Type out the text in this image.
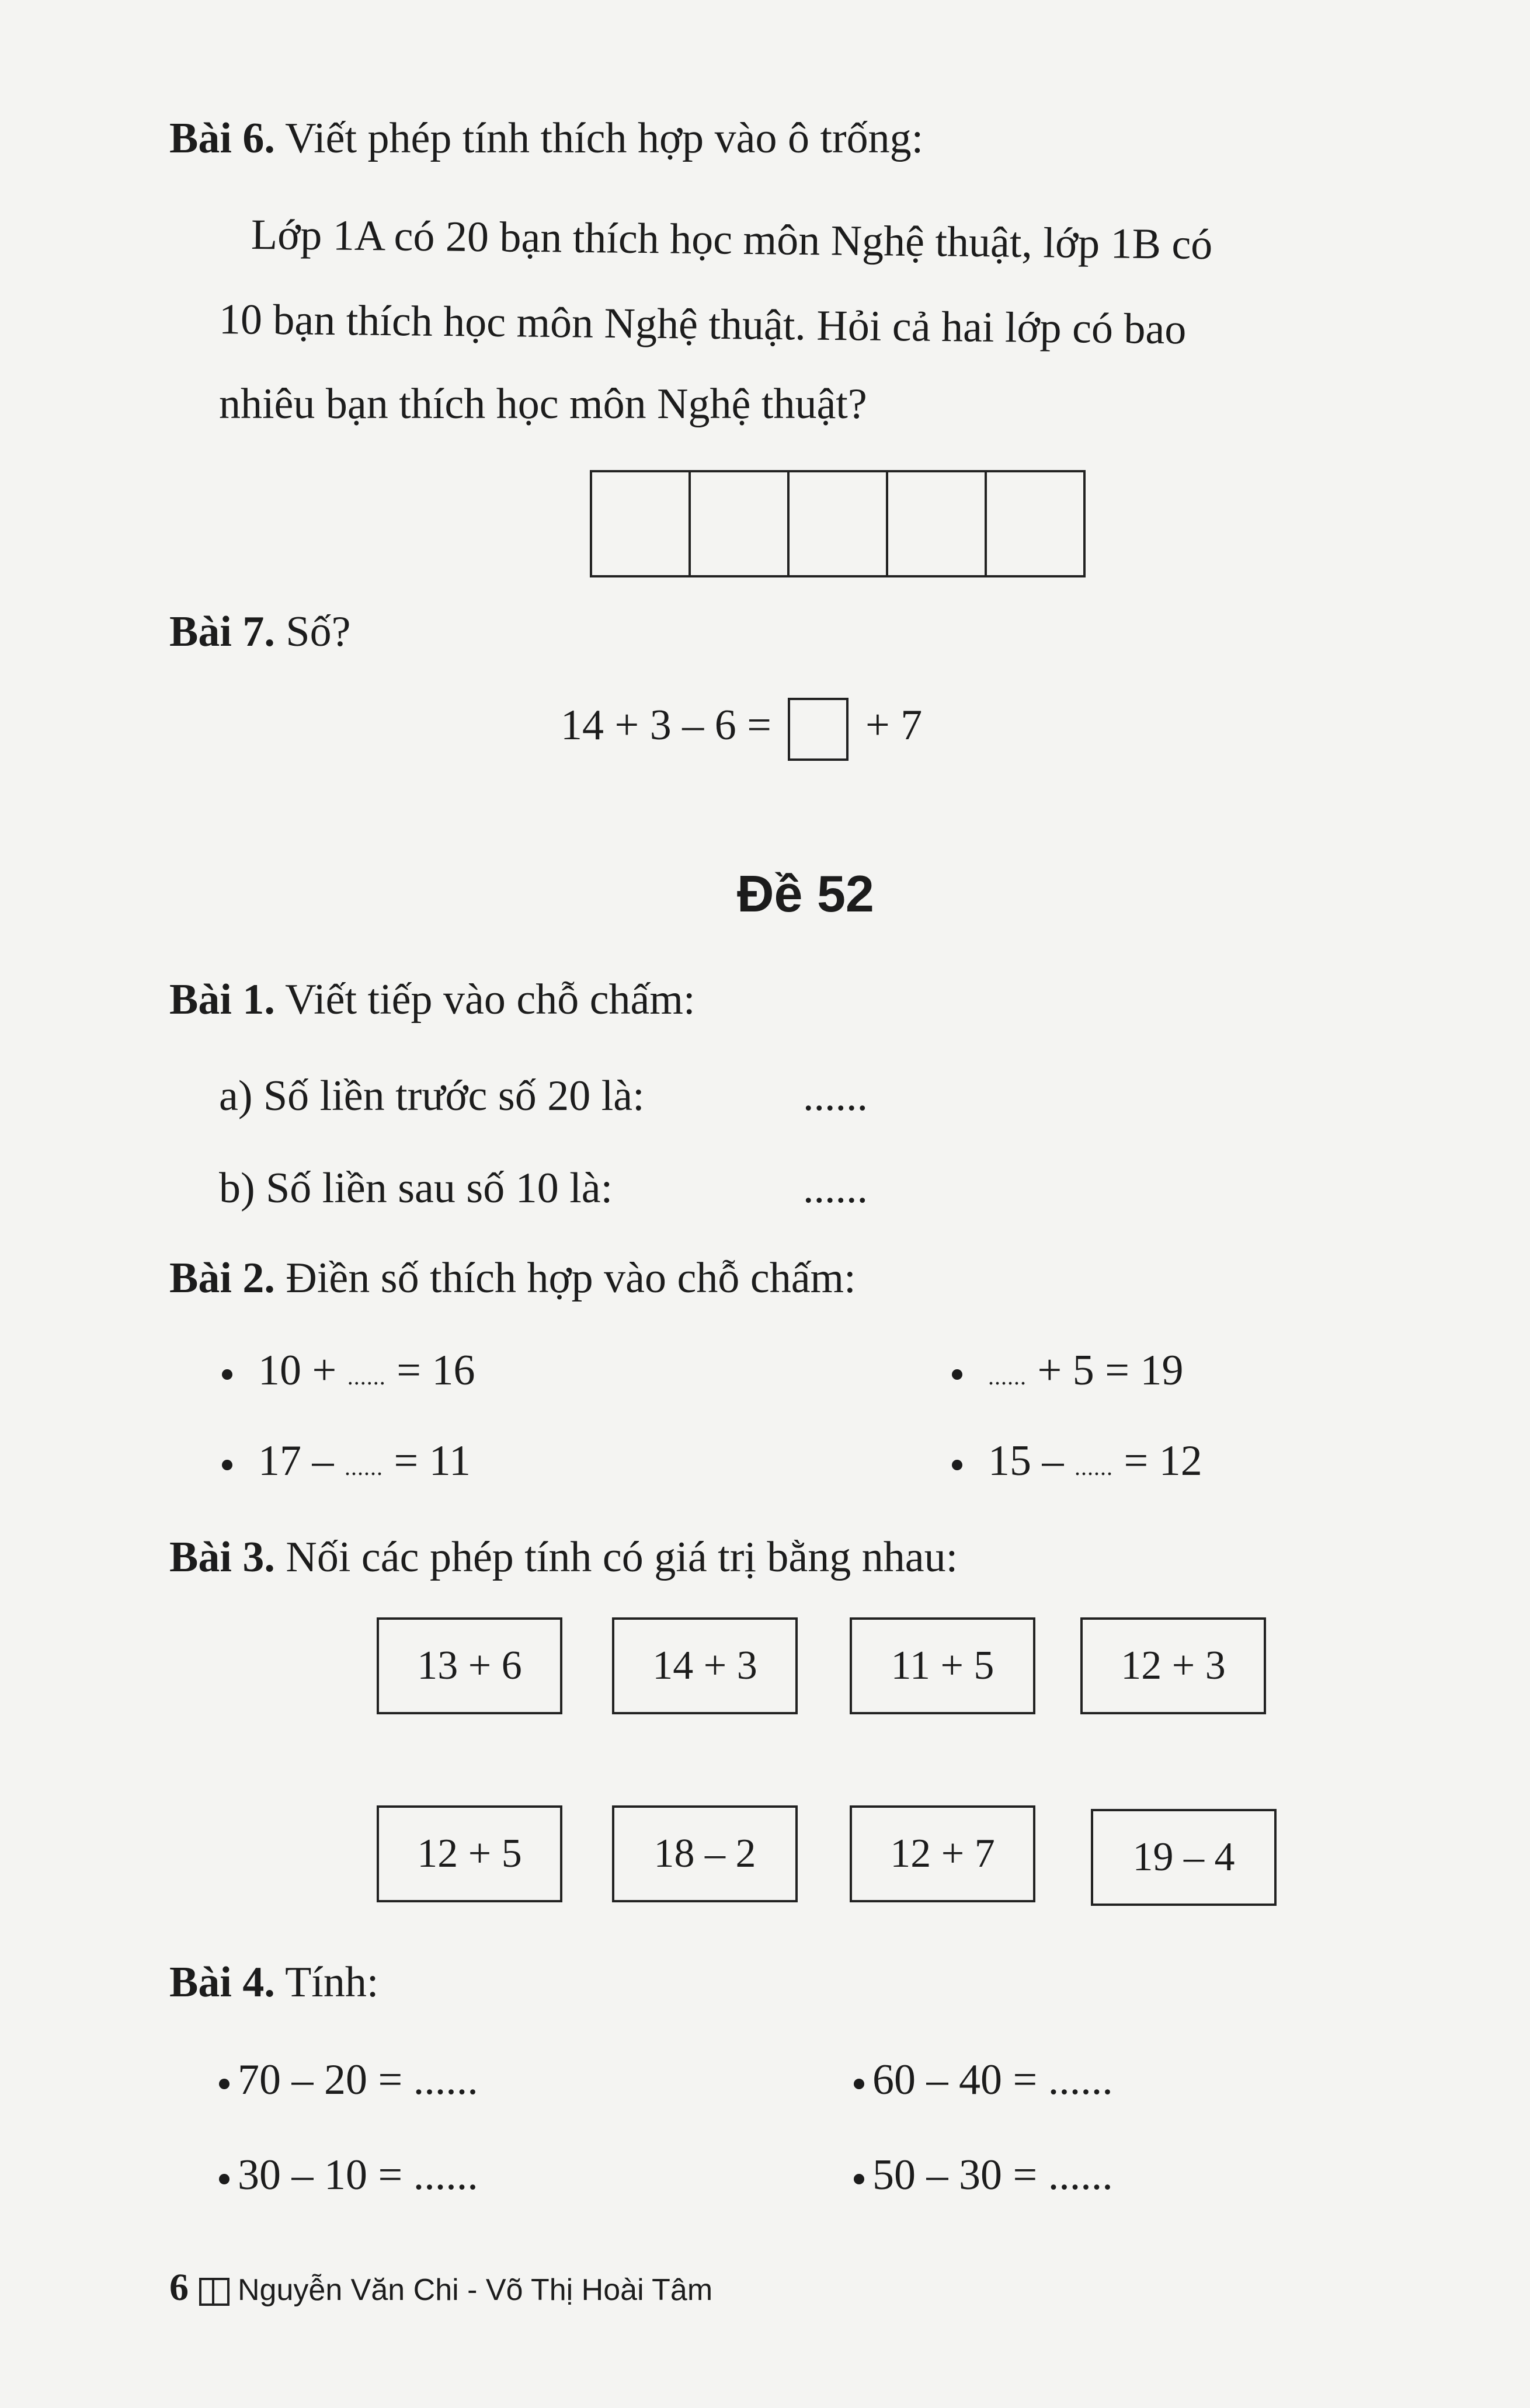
Bài 6. Viết phép tính thích hợp vào ô trống:
Lớp 1A có 20 bạn thích học môn Nghệ thuật, lớp 1B có
10 bạn thích học môn Nghệ thuật. Hỏi cả hai lớp có bao
nhiêu bạn thích học môn Nghệ thuật?
Bài 7. Số?
14 + 3 – 6 = + 7
Đề 52
Bài 1. Viết tiếp vào chỗ chấm:
a) Số liền trước số 20 là:	......
b) Số liền sau số 10 là:	......
Bài 2. Điền số thích hợp vào chỗ chấm:
10 + ...... = 16	...... + 5 = 19
17 – ...... = 11	15 – ...... = 12
Bài 3. Nối các phép tính có giá trị bằng nhau:
13 + 6	14 + 3	11 + 5	12 + 3
12 + 5	18 – 2	12 + 7	19 – 4
Bài 4. Tính:
70 – 20 = ......	60 – 40 = ......
30 – 10 = ......	50 – 30 = ......
6 Nguyễn Văn Chi - Võ Thị Hoài Tâm
